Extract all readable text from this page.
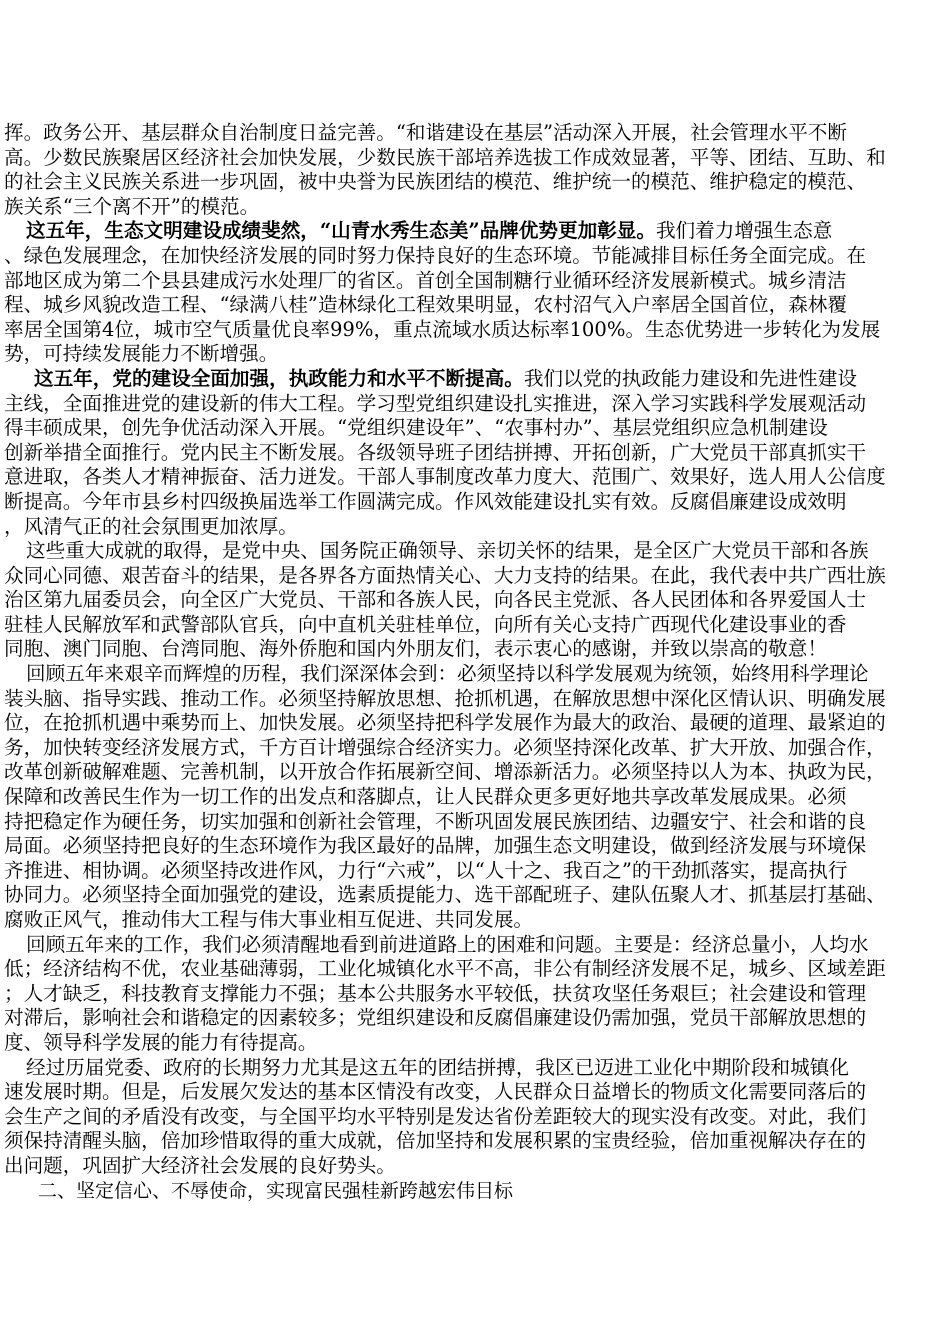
挥。政务公开、基层群众自治制度日益完善。“和谐建设在基层”活动深入开展，社会管理水平不断
高。少数民族聚居区经济社会加快发展，少数民族干部培养选拔工作成效显著，平等、团结、互助、和
的社会主义民族关系进一步巩固，被中央誉为民族团结的模范、维护统一的模范、维护稳定的模范、
族关系“三个离不开”的模范。
这五年，生态文明建设成绩斐然，“山青水秀生态美”品牌优势更加彰显。我们着力增强生态意
、绿色发展理念，在加快经济发展的同时努力保持良好的生态环境。节能减排目标任务全面完成。在
部地区成为第二个县县建成污水处理厂的省区。首创全国制糖行业循环经济发展新模式。城乡清洁
程、城乡风貌改造工程、“绿满八桂”造林绿化工程效果明显，农村沼气入户率居全国首位，森林覆
率居全国第4位，城市空气质量优良率99%，重点流域水质达标率100%。生态优势进一步转化为发展
势，可持续发展能力不断增强。
这五年，党的建设全面加强，执政能力和水平不断提高。我们以党的执政能力建设和先进性建设
主线，全面推进党的建设新的伟大工程。学习型党组织建设扎实推进，深入学习实践科学发展观活动
得丰硕成果，创先争优活动深入开展。“党组织建设年”、“农事村办”、基层党组织应急机制建设
创新举措全面推行。党内民主不断发展。各级领导班子团结拼搏、开拓创新，广大党员干部真抓实干
意进取，各类人才精神振奋、活力迸发。干部人事制度改革力度大、范围广、效果好，选人用人公信度
断提高。今年市县乡村四级换届选举工作圆满完成。作风效能建设扎实有效。反腐倡廉建设成效明
，风清气正的社会氛围更加浓厚。
这些重大成就的取得，是党中央、国务院正确领导、亲切关怀的结果，是全区广大党员干部和各族
众同心同德、艰苦奋斗的结果，是各界各方面热情关心、大力支持的结果。在此，我代表中共广西壮族
治区第九届委员会，向全区广大党员、干部和各族人民，向各民主党派、各人民团体和各界爱国人士
驻桂人民解放军和武警部队官兵，向中直机关驻桂单位，向所有关心支持广西现代化建设事业的香
同胞、澳门同胞、台湾同胞、海外侨胞和国内外朋友们，表示衷心的感谢，并致以崇高的敬意！
回顾五年来艰辛而辉煌的历程，我们深深体会到：必须坚持以科学发展观为统领，始终用科学理论
装头脑、指导实践、推动工作。必须坚持解放思想、抢抓机遇，在解放思想中深化区情认识、明确发展
位，在抢抓机遇中乘势而上、加快发展。必须坚持把科学发展作为最大的政治、最硬的道理、最紧迫的
务，加快转变经济发展方式，千方百计增强综合经济实力。必须坚持深化改革、扩大开放、加强合作，
改革创新破解难题、完善机制，以开放合作拓展新空间、增添新活力。必须坚持以人为本、执政为民，
保障和改善民生作为一切工作的出发点和落脚点，让人民群众更多更好地共享改革发展成果。必须
持把稳定作为硬任务，切实加强和创新社会管理，不断巩固发展民族团结、边疆安宁、社会和谐的良
局面。必须坚持把良好的生态环境作为我区最好的品牌，加强生态文明建设，做到经济发展与环境保
齐推进、相协调。必须坚持改进作风，力行“六戒”，以“人十之、我百之”的干劲抓落实，提高执行
协同力。必须坚持全面加强党的建设，选素质提能力、选干部配班子、建队伍聚人才、抓基层打基础、
腐败正风气，推动伟大工程与伟大事业相互促进、共同发展。
回顾五年来的工作，我们必须清醒地看到前进道路上的困难和问题。主要是：经济总量小，人均水
低；经济结构不优，农业基础薄弱，工业化城镇化水平不高，非公有制经济发展不足，城乡、区域差距
；人才缺乏，科技教育支撑能力不强；基本公共服务水平较低，扶贫攻坚任务艰巨；社会建设和管理
对滞后，影响社会和谐稳定的因素较多；党组织建设和反腐倡廉建设仍需加强，党员干部解放思想的
度、领导科学发展的能力有待提高。
经过历届党委、政府的长期努力尤其是这五年的团结拼搏，我区已迈进工业化中期阶段和城镇化
速发展时期。但是，后发展欠发达的基本区情没有改变，人民群众日益增长的物质文化需要同落后的
会生产之间的矛盾没有改变，与全国平均水平特别是发达省份差距较大的现实没有改变。对此，我们
须保持清醒头脑，倍加珍惜取得的重大成就，倍加坚持和发展积累的宝贵经验，倍加重视解决存在的
出问题，巩固扩大经济社会发展的良好势头。
二、坚定信心、不辱使命，实现富民强桂新跨越宏伟目标
